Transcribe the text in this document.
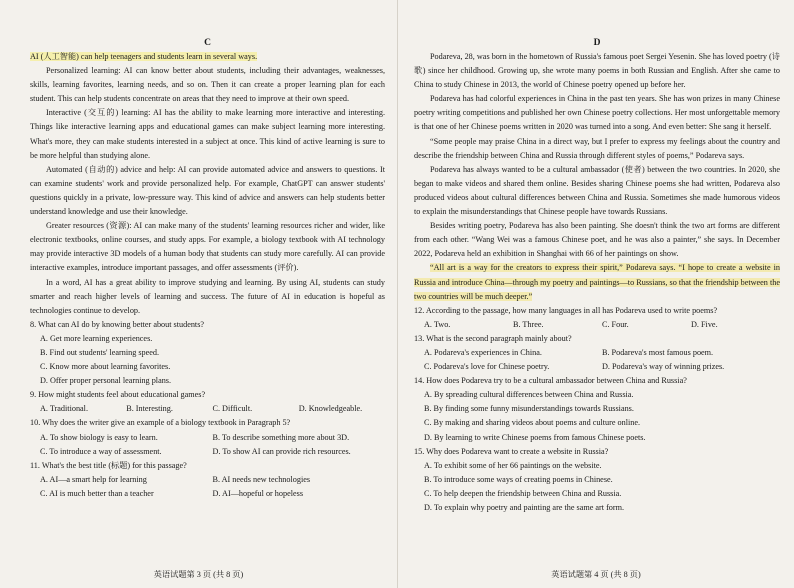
C

AI (人工智能) can help teenagers and students learn in several ways.

Personalized learning: AI can know better about students, including their advantages, weaknesses, skills, learning favorites, learning needs, and so on. Then it can create a proper learning plan for each student. This can help students concentrate on areas that they need to improve at their own speed.

Interactive (交互的) learning: AI has the ability to make learning more interactive and interesting. Things like interactive learning apps and educational games can make subject learning more interesting. What's more, they can make students interested in a subject at once. This kind of active learning is sure to be more helpful than studying alone.

Automated (自动的) advice and help: AI can provide automated advice and answers to questions. It can examine students' work and provide personalized help. For example, ChatGPT can answer students' questions quickly in a private, low-pressure way. This kind of advice and answers can help students better understand knowledge and use their knowledge.

Greater resources (资源): AI can make many of the students' learning resources richer and wider, like electronic textbooks, online courses, and study apps. For example, a biology textbook with AI technology may provide interactive 3D models of a human body that students can study more carefully. AI can provide interactive examples, introduce important passages, and offer assessments (评价).

In a word, AI has a great ability to improve studying and learning. By using AI, students can study smarter and reach higher levels of learning and success. The future of AI in education is hopeful as technologies continue to develop.

8. What can AI do by knowing better about students?
A. Get more learning experiences.
B. Find out students' learning speed.
C. Know more about learning favorites.
D. Offer proper personal learning plans.
9. How might students feel about educational games?
A. Traditional.	B. Interesting.	C. Difficult.	D. Knowledgeable.
10. Why does the writer give an example of a biology textbook in Paragraph 5?
A. To show biology is easy to learn.	B. To describe something more about 3D.
C. To introduce a way of assessment.	D. To show AI can provide rich resources.
11. What's the best title (标题) for this passage?
A. AI—a smart help for learning	B. AI needs new technologies
C. AI is much better than a teacher	D. AI—hopeful or hopeless
英语试题第 3 页 (共 8 页)
D

Podareva, 28, was born in the hometown of Russia's famous poet Sergei Yesenin. She has loved poetry (诗歌) since her childhood. Growing up, she wrote many poems in both Russian and English. After she came to China to study Chinese in 2013, the world of Chinese poetry opened up before her.

Podareva has had colorful experiences in China in the past ten years. She has won prizes in many Chinese poetry writing competitions and published her own Chinese poetry collections. Her most unforgettable memory is that one of her Chinese poems written in 2020 was turned into a song. And even better: She sang it herself.

“Some people may praise China in a direct way, but I prefer to express my feelings about the country and describe the friendship between China and Russia through different styles of poems,” Podareva says.

Podareva has always wanted to be a cultural ambassador (使者) between the two countries. In 2020, she began to make videos and shared them online. Besides sharing Chinese poems she had written, Podareva also produced videos about cultural differences between China and Russia. Sometimes she made humorous videos to explain the misunderstandings that Chinese people have towards Russians.

Besides writing poetry, Podareva has also been painting. She doesn't think the two art forms are different from each other. “Wang Wei was a famous Chinese poet, and he was also a painter,” she says. In December 2022, Podareva held an exhibition in Shanghai with 66 of her paintings on show.

“All art is a way for the creators to express their spirit,” Podareva says. “I hope to create a website in Russia and introduce China—through my poetry and paintings—to Russians, so that the friendship between the two countries will be much deeper.”

12. According to the passage, how many languages in all has Podareva used to write poems?
A. Two.	B. Three.	C. Four.	D. Five.
13. What is the second paragraph mainly about?
A. Podareva's experiences in China.	B. Podareva's most famous poem.
C. Podareva's love for Chinese poetry.	D. Podareva's way of winning prizes.
14. How does Podareva try to be a cultural ambassador between China and Russia?
A. By spreading cultural differences between China and Russia.
B. By finding some funny misunderstandings towards Russians.
C. By making and sharing videos about poems and culture online.
D. By learning to write Chinese poems from famous Chinese poets.
15. Why does Podareva want to create a website in Russia?
A. To exhibit some of her 66 paintings on the website.
B. To introduce some ways of creating poems in Chinese.
C. To help deepen the friendship between China and Russia.
D. To explain why poetry and painting are the same art form.
英语试题第 4 页 (共 8 页)
